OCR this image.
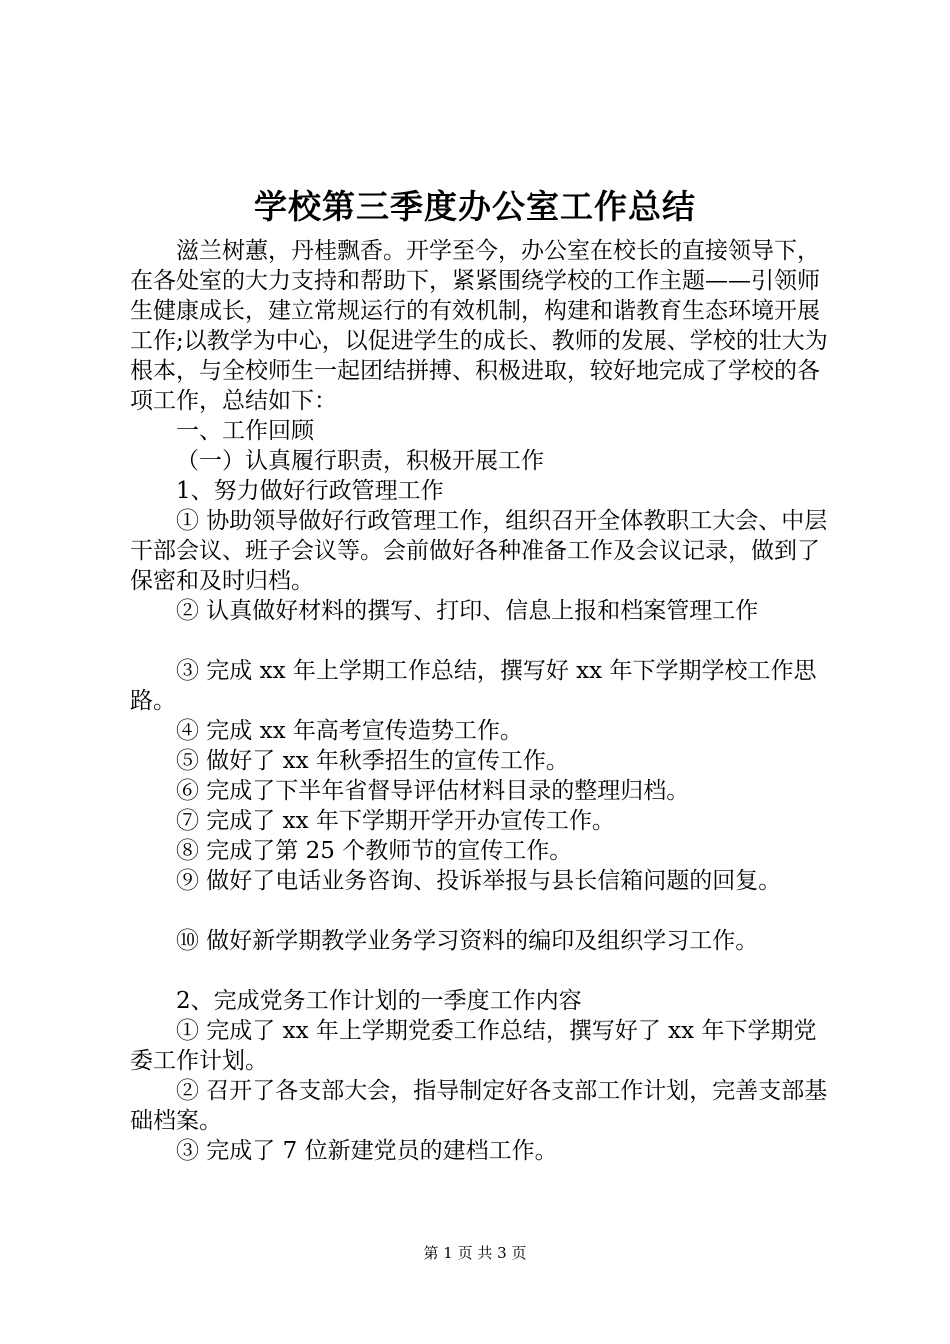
学校第三季度办公室工作总结

滋兰树蕙，丹桂飘香。开学至今，办公室在校长的直接领导下，在各处室的大力支持和帮助下，紧紧围绕学校的工作主题——引领师生健康成长，建立常规运行的有效机制，构建和谐教育生态环境开展工作;以教学为中心，以促进学生的成长、教师的发展、学校的壮大为根本，与全校师生一起团结拼搏、积极进取，较好地完成了学校的各项工作，总结如下：

一、工作回顾

（一）认真履行职责，积极开展工作

1、努力做好行政管理工作

① 协助领导做好行政管理工作，组织召开全体教职工大会、中层干部会议、班子会议等。会前做好各种准备工作及会议记录，做到了保密和及时归档。

② 认真做好材料的撰写、打印、信息上报和档案管理工作

③ 完成 xx 年上学期工作总结，撰写好 xx 年下学期学校工作思路。

④ 完成 xx 年高考宣传造势工作。

⑤ 做好了 xx 年秋季招生的宣传工作。

⑥ 完成了下半年省督导评估材料目录的整理归档。

⑦ 完成了 xx 年下学期开学开办宣传工作。

⑧ 完成了第 25 个教师节的宣传工作。

⑨ 做好了电话业务咨询、投诉举报与县长信箱问题的回复。

⑩ 做好新学期教学业务学习资料的编印及组织学习工作。

2、完成党务工作计划的一季度工作内容

① 完成了 xx 年上学期党委工作总结，撰写好了 xx 年下学期党委工作计划。

② 召开了各支部大会，指导制定好各支部工作计划，完善支部基础档案。

③ 完成了 7 位新建党员的建档工作。

第 1 页 共 3 页
